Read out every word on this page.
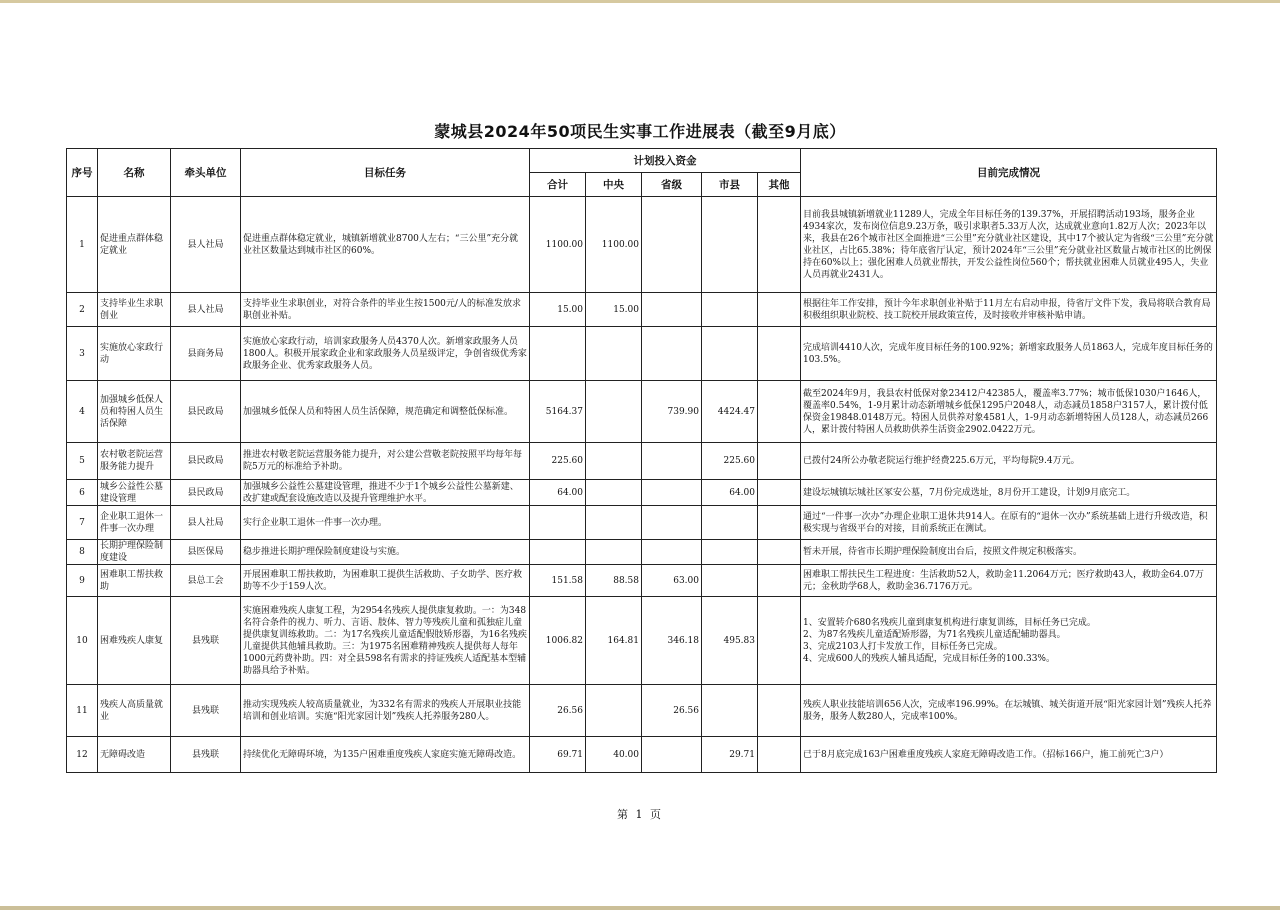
蒙城县2024年50项民生实事工作进展表（截至9月底）
序号	名称	牵头单位	目标任务	计划投入资金					目前完成情况
				合计	中央	省级	市县	其他	
1	促进重点群体稳定就业	县人社局	促进重点群体稳定就业，城镇新增就业8700人左右；“三公里”充分就业社区数量达到城市社区的60%。	1100.00	1100.00				目前我县城镇新增就业11289人，完成全年目标任务的139.37%，开展招聘活动193场，服务企业4934家次，发布岗位信息9.23万条，吸引求职者5.33万人次，达成就业意向1.82万人次；2023年以来，我县在26个城市社区全面推进“三公里”充分就业社区建设，其中17个被认定为省级“三公里”充分就业社区，占比65.38%；待年底省厅认定，预计2024年“三公里”充分就业社区数量占城市社区的比例保持在60%以上；强化困难人员就业帮扶，开发公益性岗位560个；帮扶就业困难人员就业495人，失业人员再就业2431人。
2	支持毕业生求职创业	县人社局	支持毕业生求职创业，对符合条件的毕业生按1500元/人的标准发放求职创业补贴。	15.00	15.00				根据往年工作安排，预计今年求职创业补贴于11月左右启动申报，待省厅文件下发，我局将联合教育局积极组织职业院校、技工院校开展政策宣传，及时接收并审核补贴申请。
3	实施放心家政行动	县商务局	实施放心家政行动，培训家政服务人员4370人次。新增家政服务人员1800人。积极开展家政企业和家政服务人员星级评定，争创省级优秀家政服务企业、优秀家政服务人员。						完成培训4410人次，完成年度目标任务的100.92%；新增家政服务人员1863人，完成年度目标任务的103.5%。
4	加强城乡低保人员和特困人员生活保障	县民政局	加强城乡低保人员和特困人员生活保障，规范确定和调整低保标准。	5164.37		739.90	4424.47		截至2024年9月，我县农村低保对象23412户42385人，覆盖率3.77%；城市低保1030户1646人，覆盖率0.54%，1-9月累计动态新增城乡低保1295户2048人，动态减员1858户3157人，累计拨付低保资金19848.0148万元。特困人员供养对象4581人，1-9月动态新增特困人员128人，动态减员266人，累计拨付特困人员救助供养生活资金2902.0422万元。
5	农村敬老院运营服务能力提升	县民政局	推进农村敬老院运营服务能力提升，对公建公营敬老院按照平均每年每院5万元的标准给予补助。	225.60			225.60		已拨付24所公办敬老院运行维护经费225.6万元，平均每院9.4万元。
6	城乡公益性公墓建设管理	县民政局	加强城乡公益性公墓建设管理，推进不少于1个城乡公益性公墓新建、改扩建或配套设施改造以及提升管理维护水平。	64.00			64.00		建设坛城镇坛城社区冢安公墓，7月份完成选址，8月份开工建设，计划9月底完工。
7	企业职工退休一件事一次办理	县人社局	实行企业职工退休一件事一次办理。						通过“一件事一次办”办理企业职工退休共914人。在原有的“退休一次办”系统基础上进行升级改造，积极实现与省级平台的对接，目前系统正在测试。
8	长期护理保险制度建设	县医保局	稳步推进长期护理保险制度建设与实施。						暂未开展，待省市长期护理保险制度出台后，按照文件规定积极落实。
9	困难职工帮扶救助	县总工会	开展困难职工帮扶救助，为困难职工提供生活救助、子女助学、医疗救助等不少于159人次。	151.58	88.58	63.00			困难职工帮扶民生工程进度：生活救助52人，救助金11.2064万元；医疗救助43人，救助金64.07万元；金秋助学68人，救助金36.7176万元。
10	困难残疾人康复	县残联	实施困难残疾人康复工程，为2954名残疾人提供康复救助。一：为348名符合条件的视力、听力、言语、肢体、智力等残疾儿童和孤独症儿童提供康复训练救助。二：为17名残疾儿童适配假肢矫形器，为16名残疾儿童提供其他辅具救助。三：为1975名困难精神残疾人提供每人每年1000元药费补助。四：对全县598名有需求的持证残疾人适配基本型辅助器具给予补贴。	1006.82	164.81	346.18	495.83		1、安置转介680名残疾儿童到康复机构进行康复训练，目标任务已完成。
2、为87名残疾儿童适配矫形器，为71名残疾儿童适配辅助器具。
3、完成2103人打卡发放工作，目标任务已完成。
4、完成600人的残疾人辅具适配，完成目标任务的100.33%。
11	残疾人高质量就业	县残联	推动实现残疾人较高质量就业，为332名有需求的残疾人开展职业技能培训和创业培训。实施“阳光家园计划”残疾人托养服务280人。	26.56		26.56			残疾人职业技能培训656人次，完成率196.99%。在坛城镇、城关街道开展“阳光家园计划”残疾人托养服务，服务人数280人，完成率100%。
12	无障碍改造	县残联	持续优化无障碍环境，为135户困难重度残疾人家庭实施无障碍改造。	69.71	40.00		29.71		已于8月底完成163户困难重度残疾人家庭无障碍改造工作。（招标166户，施工前死亡3户）
第 1 页
